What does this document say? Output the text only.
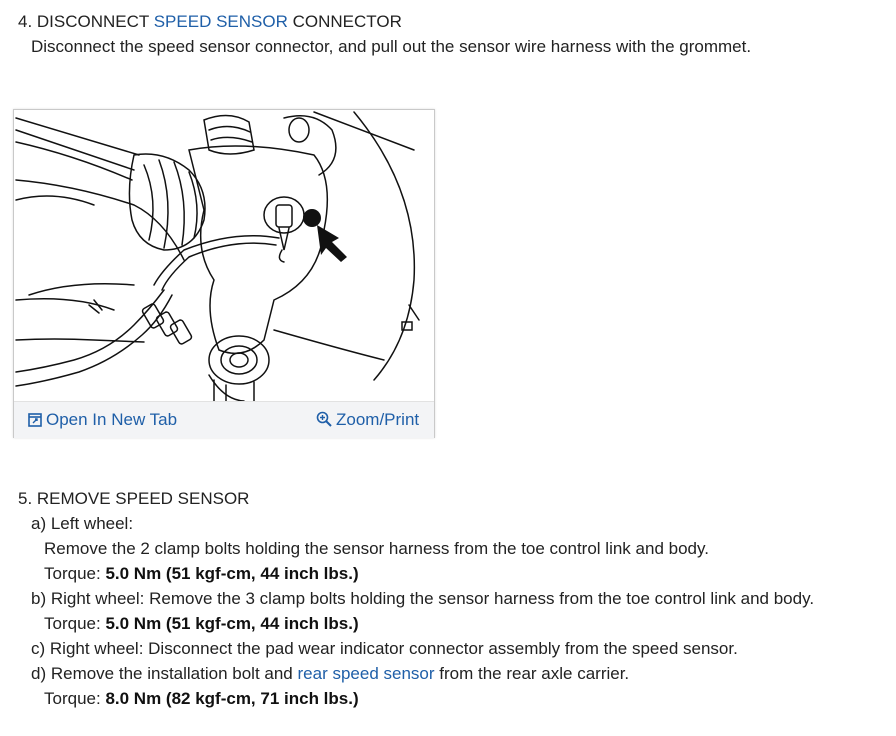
4. DISCONNECT SPEED SENSOR CONNECTOR
Disconnect the speed sensor connector, and pull out the sensor wire harness with the grommet.
Open In New Tab	Zoom/Print
5. REMOVE SPEED SENSOR
a) Left wheel:
Remove the 2 clamp bolts holding the sensor harness from the toe control link and body.
Torque: 5.0 Nm (51 kgf-cm, 44 inch lbs.)
b) Right wheel: Remove the 3 clamp bolts holding the sensor harness from the toe control link and body.
Torque: 5.0 Nm (51 kgf-cm, 44 inch lbs.)
c) Right wheel: Disconnect the pad wear indicator connector assembly from the speed sensor.
d) Remove the installation bolt and rear speed sensor from the rear axle carrier.
Torque: 8.0 Nm (82 kgf-cm, 71 inch lbs.)
